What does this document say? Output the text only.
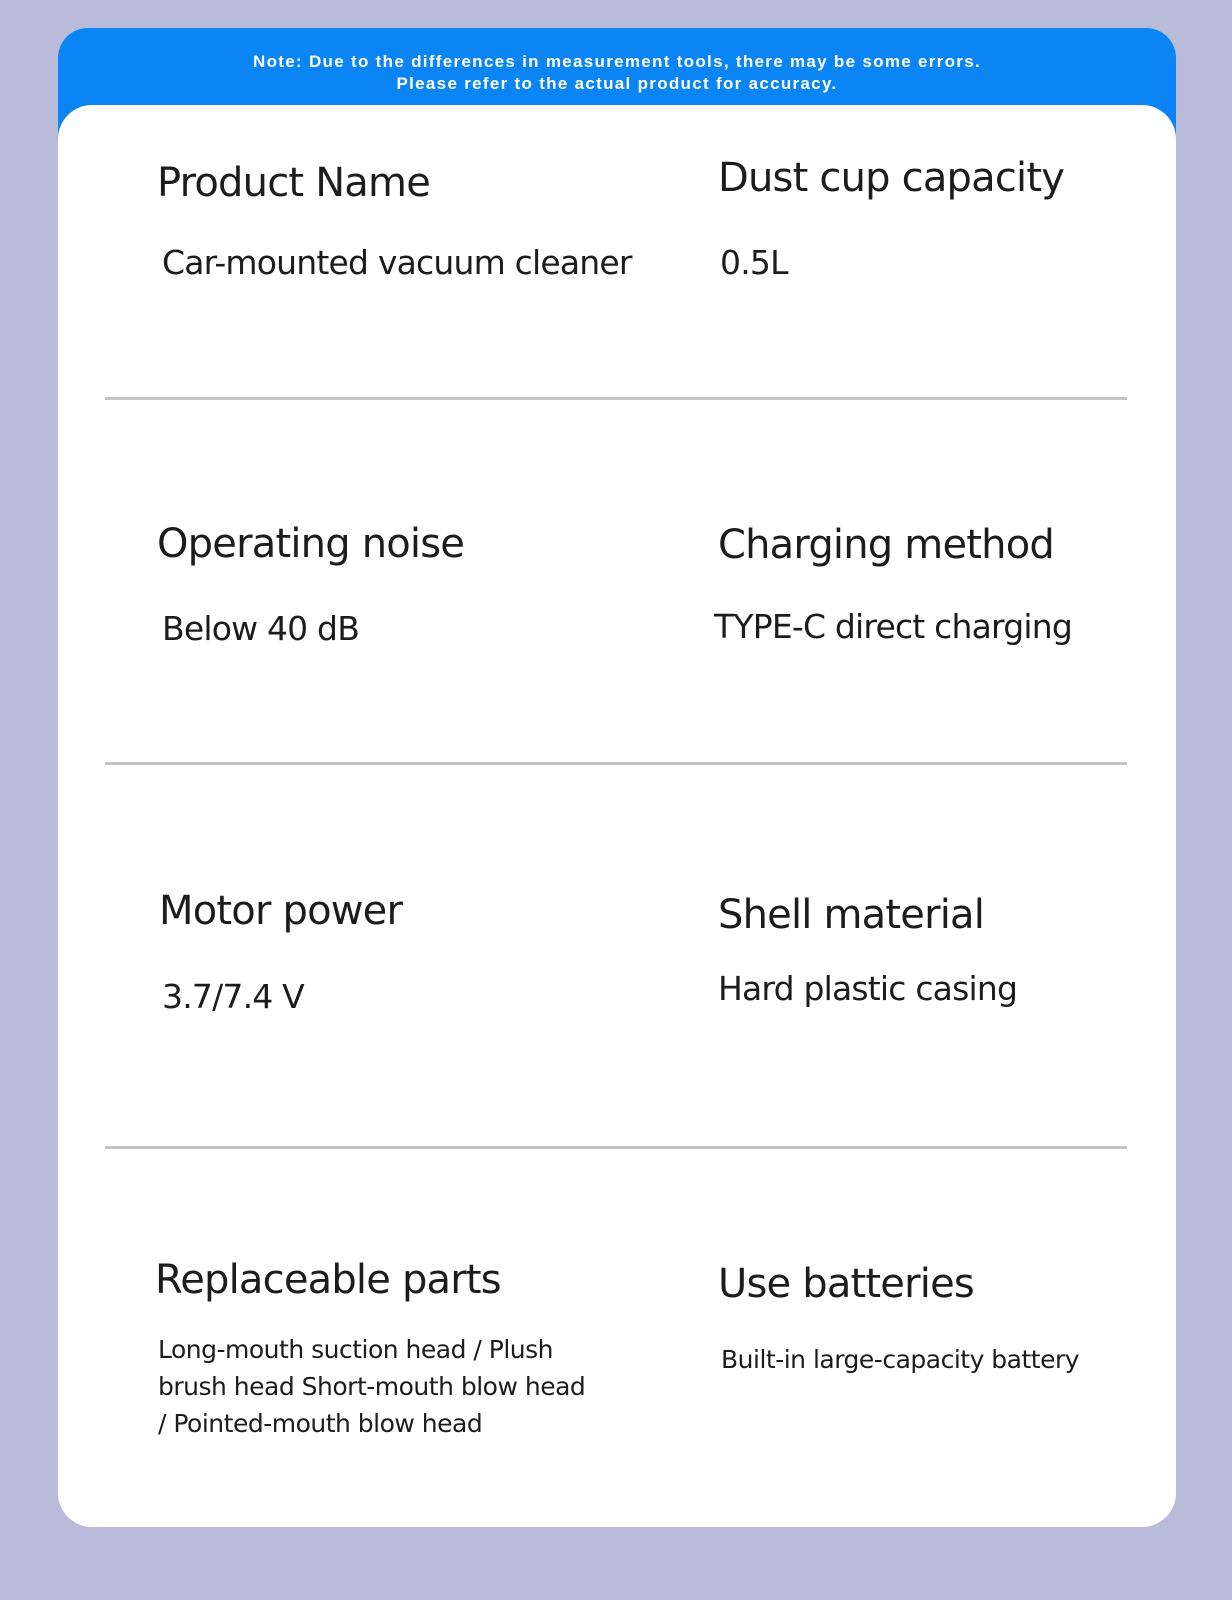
Note: Due to the differences in measurement tools, there may be some errors.
Please refer to the actual product for accuracy.
Product Name
Car-mounted vacuum cleaner
Dust cup capacity
0.5L
Operating noise
Below 40 dB
Charging method
TYPE-C direct charging
Motor power
3.7/7.4 V
Shell material
Hard plastic casing
Replaceable parts
Long-mouth suction head / Plush brush head Short-mouth blow head / Pointed-mouth blow head
Use batteries
Built-in large-capacity battery
